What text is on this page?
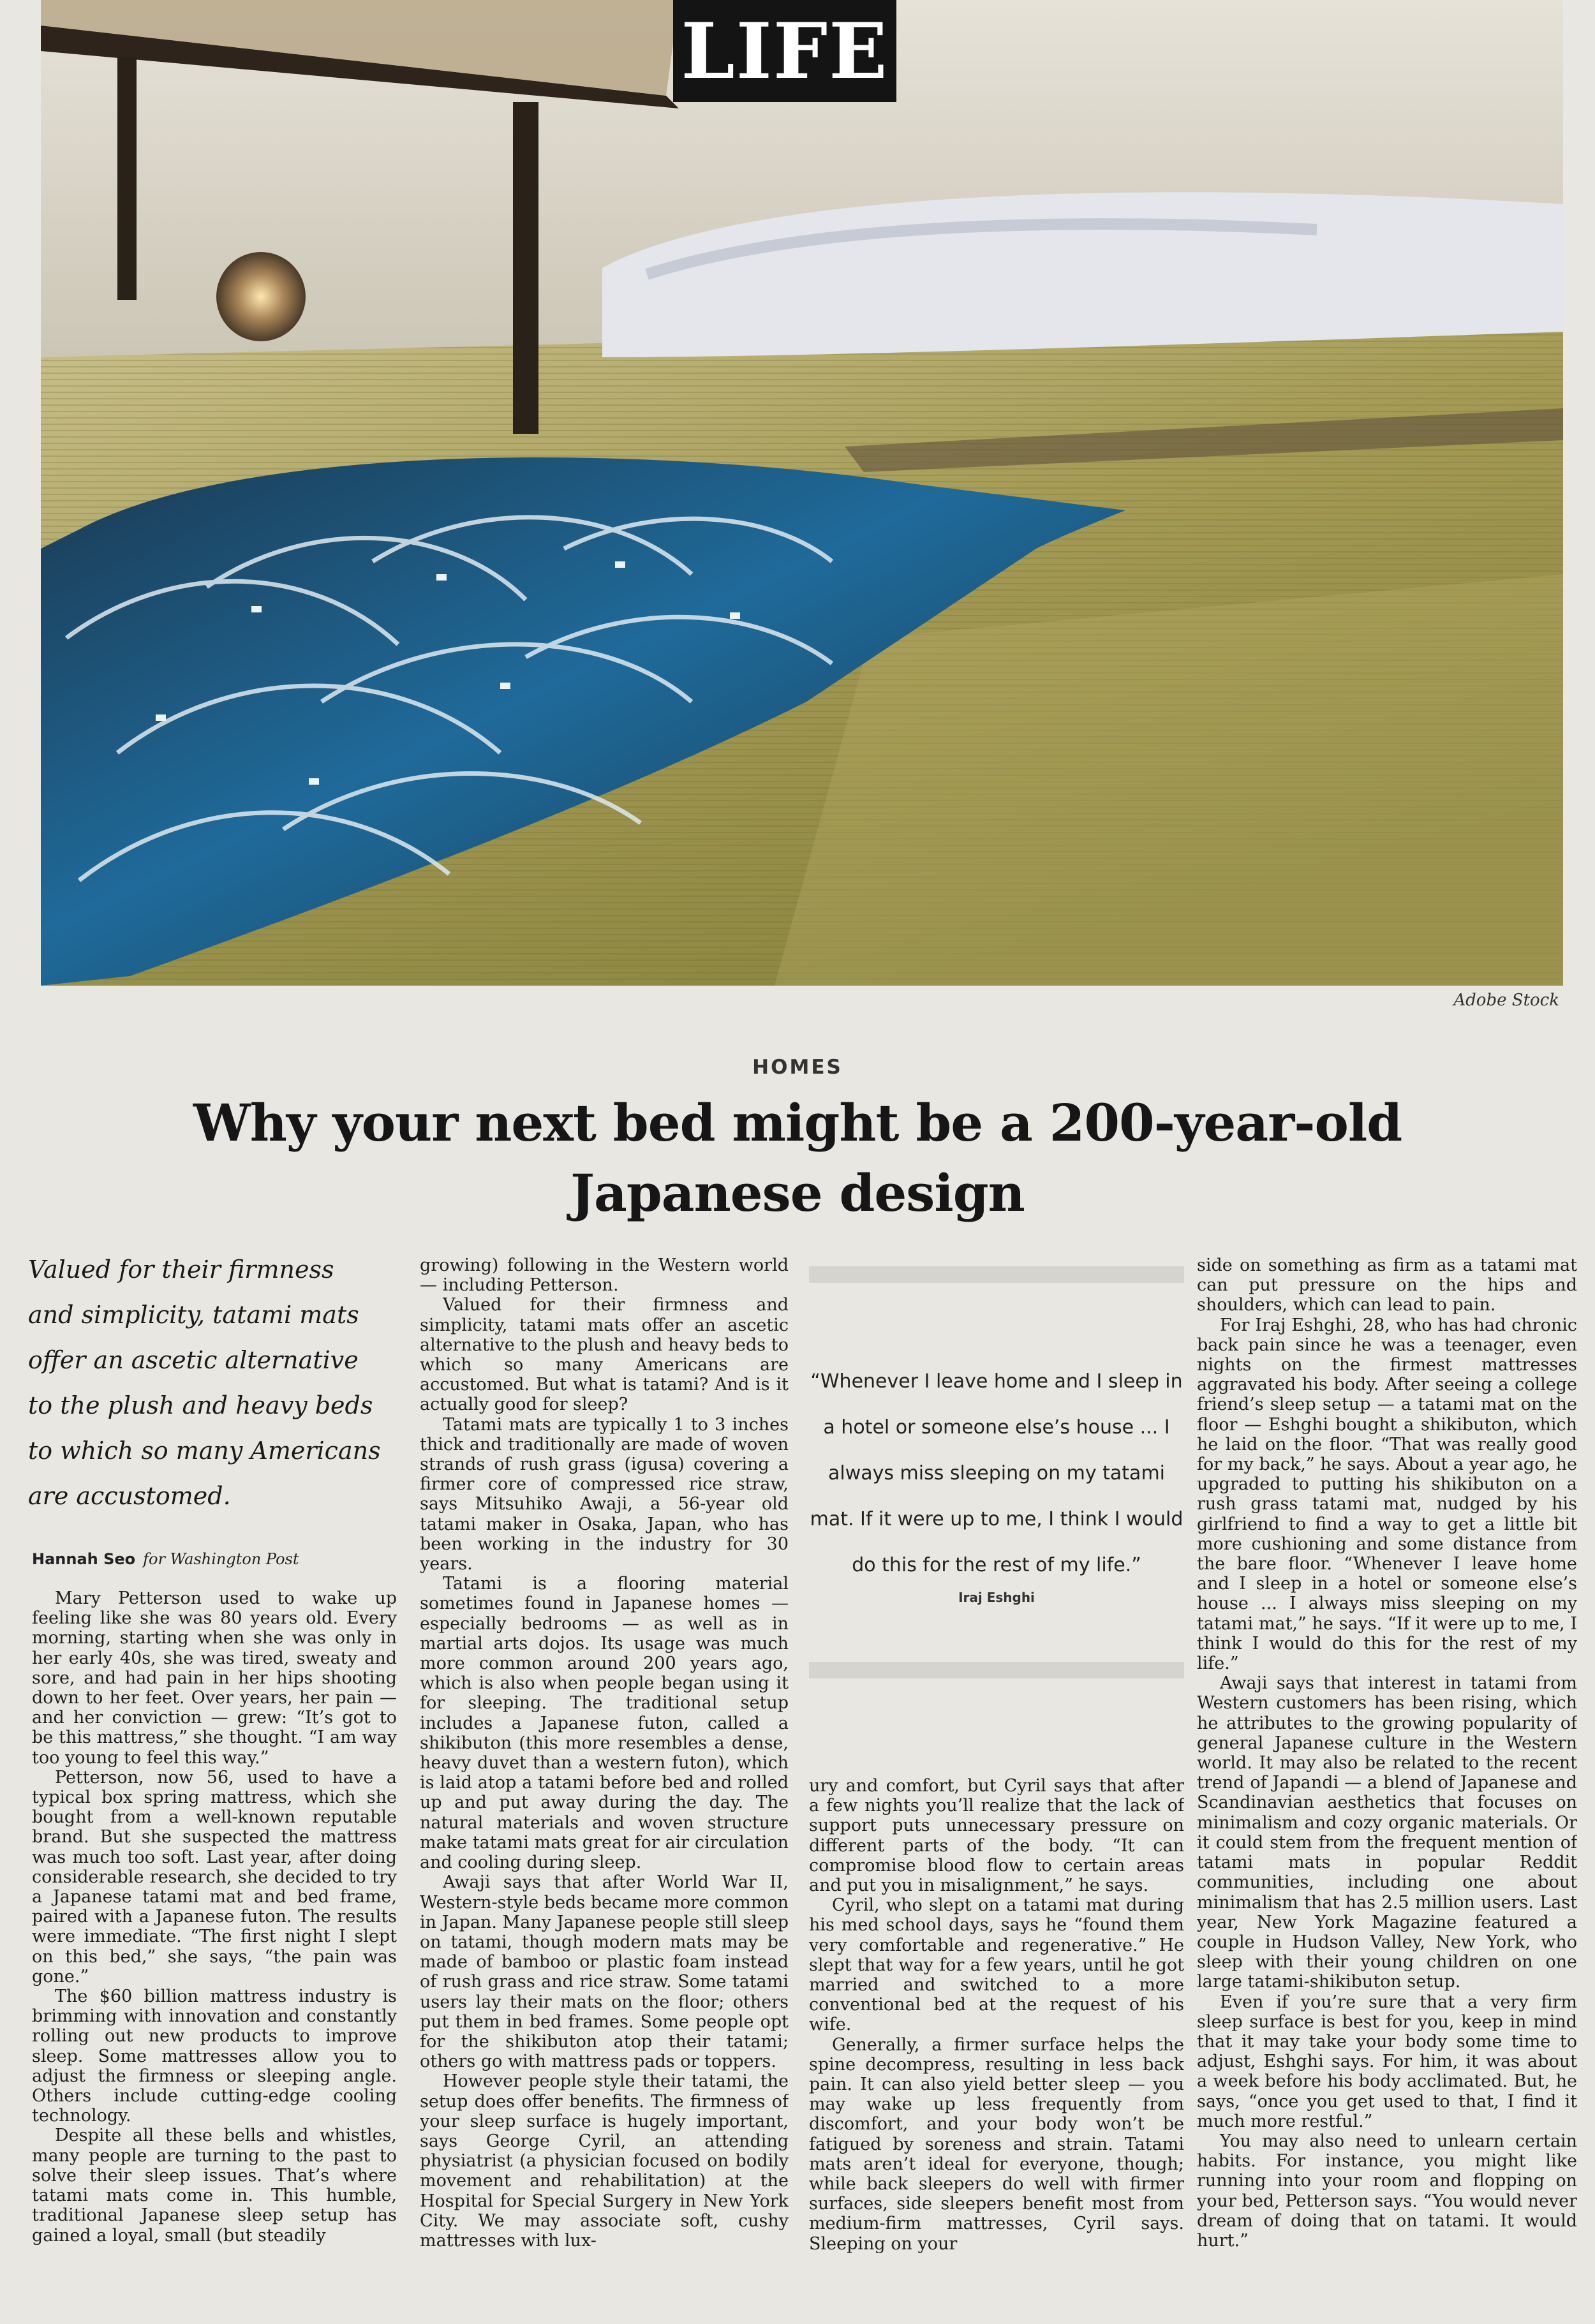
LIFE
Adobe Stock
HOMES
Why your next bed might be a 200-year-old Japanese design
Valued for their firmness and simplicity, tatami mats offer an ascetic alternative to the plush and heavy beds to which so many Americans are accustomed.
Hannah Seo for Washington Post

Mary Petterson used to wake up feeling like she was 80 years old. Every morning, starting when she was only in her early 40s, she was tired, sweaty and sore, and had pain in her hips shooting down to her feet. Over years, her pain — and her conviction — grew: “It’s got to be this mattress,” she thought. “I am way too young to feel this way.”

Petterson, now 56, used to have a typical box spring mattress, which she bought from a well-known reputable brand. But she suspected the mattress was much too soft. Last year, after doing considerable research, she decided to try a Japanese tatami mat and bed frame, paired with a Japanese futon. The results were immediate. “The first night I slept on this bed,” she says, “the pain was gone.”

The $60 billion mattress industry is brimming with innovation and constantly rolling out new products to improve sleep. Some mattresses allow you to adjust the firmness or sleeping angle. Others include cutting-edge cooling technology.

Despite all these bells and whistles, many people are turning to the past to solve their sleep issues. That’s where tatami mats come in. This humble, traditional Japanese sleep setup has gained a loyal, small (but steadily

growing) following in the Western world — including Petterson.

Valued for their firmness and simplicity, tatami mats offer an ascetic alternative to the plush and heavy beds to which so many Americans are accustomed. But what is tatami? And is it actually good for sleep?

Tatami mats are typically 1 to 3 inches thick and traditionally are made of woven strands of rush grass (igusa) covering a firmer core of compressed rice straw, says Mitsuhiko Awaji, a 56-year old tatami maker in Osaka, Japan, who has been working in the industry for 30 years.

Tatami is a flooring material sometimes found in Japanese homes — especially bedrooms — as well as in martial arts dojos. Its usage was much more common around 200 years ago, which is also when people began using it for sleeping. The traditional setup includes a Japanese futon, called a shikibuton (this more resembles a dense, heavy duvet than a western futon), which is laid atop a tatami before bed and rolled up and put away during the day. The natural materials and woven structure make tatami mats great for air circulation and cooling during sleep.

Awaji says that after World War II, Western-style beds became more common in Japan. Many Japanese people still sleep on tatami, though modern mats may be made of bamboo or plastic foam instead of rush grass and rice straw. Some tatami users lay their mats on the floor; others put them in bed frames. Some people opt for the shikibuton atop their tatami; others go with mattress pads or toppers.

However people style their tatami, the setup does offer benefits. The firmness of your sleep surface is hugely important, says George Cyril, an attending physiatrist (a physician focused on bodily movement and rehabilitation) at the Hospital for Special Surgery in New York City. We may associate soft, cushy mattresses with lux-

“Whenever I leave home and I sleep in a hotel or someone else’s house ... I always miss sleeping on my tatami mat. If it were up to me, I think I would do this for the rest of my life.”
Iraj Eshghi

ury and comfort, but Cyril says that after a few nights you’ll realize that the lack of support puts unnecessary pressure on different parts of the body. “It can compromise blood flow to certain areas and put you in misalignment,” he says.

Cyril, who slept on a tatami mat during his med school days, says he “found them very comfortable and regenerative.” He slept that way for a few years, until he got married and switched to a more conventional bed at the request of his wife.

Generally, a firmer surface helps the spine decompress, resulting in less back pain. It can also yield better sleep — you may wake up less frequently from discomfort, and your body won’t be fatigued by soreness and strain. Tatami mats aren’t ideal for everyone, though; while back sleepers do well with firmer surfaces, side sleepers benefit most from medium-firm mattresses, Cyril says. Sleeping on your

side on something as firm as a tatami mat can put pressure on the hips and shoulders, which can lead to pain.

For Iraj Eshghi, 28, who has had chronic back pain since he was a teenager, even nights on the firmest mattresses aggravated his body. After seeing a college friend’s sleep setup — a tatami mat on the floor — Eshghi bought a shikibuton, which he laid on the floor. “That was really good for my back,” he says. About a year ago, he upgraded to putting his shikibuton on a rush grass tatami mat, nudged by his girlfriend to find a way to get a little bit more cushioning and some distance from the bare floor. “Whenever I leave home and I sleep in a hotel or someone else’s house ... I always miss sleeping on my tatami mat,” he says. “If it were up to me, I think I would do this for the rest of my life.”

Awaji says that interest in tatami from Western customers has been rising, which he attributes to the growing popularity of general Japanese culture in the Western world. It may also be related to the recent trend of Japandi — a blend of Japanese and Scandinavian aesthetics that focuses on minimalism and cozy organic materials. Or it could stem from the frequent mention of tatami mats in popular Reddit communities, including one about minimalism that has 2.5 million users. Last year, New York Magazine featured a couple in Hudson Valley, New York, who sleep with their young children on one large tatami-shikibuton setup.

Even if you’re sure that a very firm sleep surface is best for you, keep in mind that it may take your body some time to adjust, Eshghi says. For him, it was about a week before his body acclimated. But, he says, “once you get used to that, I find it much more restful.”

You may also need to unlearn certain habits. For instance, you might like running into your room and flopping on your bed, Petterson says. “You would never dream of doing that on tatami. It would hurt.”
